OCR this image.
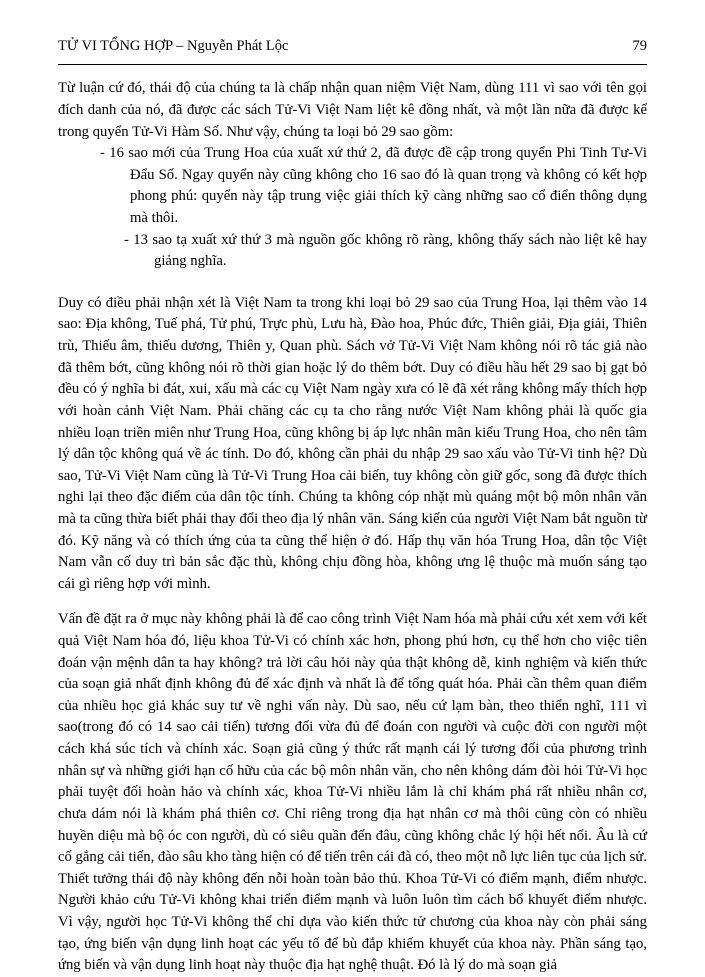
TỬ VI TỔNG HỢP – Nguyễn Phát Lộc	79

Từ luận cứ đó, thái độ của chúng ta là chấp nhận quan niệm Việt Nam, dùng 111 vì sao với tên gọi đích danh của nó, đã được các sách Tử-Vi Việt Nam liệt kê đồng nhất, và một lần nữa đã được kể trong quyển Tử-Vi Hàm Số. Như vậy, chúng ta loại bỏ 29 sao gồm:

- 16 sao mới của Trung Hoa của xuất xứ thứ 2, đã được đề cập trong quyển Phi Tinh Tư-Vi Đẩu Số. Ngay quyển này cũng không cho 16 sao đó là quan trọng và không có kết hợp phong phú: quyển này tập trung việc giải thích kỹ càng những sao cổ điển thông dụng mà thôi.

- 13 sao tạ xuất xứ thứ 3 mà nguồn gốc không rõ ràng, không thấy sách nào liệt kê hay giảng nghĩa.

Duy có điều phải nhận xét là Việt Nam ta trong khi loại bỏ 29 sao của Trung Hoa, lại thêm vào 14 sao: Địa không, Tuế phá, Tử phú, Trực phù, Lưu hà, Đào hoa, Phúc đức, Thiên giải, Địa giải, Thiên trù, Thiếu âm, thiếu dương, Thiên y, Quan phù. Sách vở Tử-Vi Việt Nam không nói rõ tác giả nào đã thêm bớt, cũng không nói rõ thời gian hoặc lý do thêm bớt. Duy có điều hầu hết 29 sao bị gạt bỏ đều có ý nghĩa bi đát, xui, xấu mà các cụ Việt Nam ngày xưa có lẽ đã xét rằng không mấy thích hợp với hoàn cảnh Việt Nam. Phải chăng các cụ ta cho rằng nước Việt Nam không phải là quốc gia nhiều loạn triền miên như Trung Hoa, cũng không bị áp lực nhân mãn kiểu Trung Hoa, cho nên tâm lý dân tộc không quá về ác tính. Do đó, không cần phải du nhập 29 sao xấu vào Tử-Vi tinh hệ? Dù sao, Tử-Vi Việt Nam cũng là Tử-Vi Trung Hoa cải biến, tuy không còn giữ gốc, song đã được thích nghi lại theo đặc điểm của dân tộc tính. Chúng ta không cóp nhặt mù quáng một bộ môn nhân văn mà ta cũng thừa biết phải thay đổi theo địa lý nhân văn. Sáng kiến của người Việt Nam bắt nguồn từ đó. Kỹ năng và có thích ứng của ta cũng thể hiện ở đó. Hấp thụ văn hóa Trung Hoa, dân tộc Việt Nam vẫn cố duy trì bản sắc đặc thù, không chịu đồng hòa, không ưng lệ thuộc mà muốn sáng tạo cái gì riêng hợp với mình.

Vấn đề đặt ra ở mục này không phải là để cao công trình Việt Nam hóa mà phải cứu xét xem với kết quả Việt Nam hóa đó, liệu khoa Tử-Vi có chính xác hơn, phong phú hơn, cụ thể hơn cho việc tiên đoán vận mệnh dân ta hay không? trả lời câu hỏi này qủa thật không dễ, kinh nghiệm và kiến thức của soạn giả nhất định không đủ để xác định và nhất là để tổng quát hóa. Phải cần thêm quan điểm của nhiều học giả khác suy tư về nghi vấn này. Dù sao, nếu cứ lạm bàn, theo thiển nghĩ, 111 vì sao(trong đó có 14 sao cải tiến) tương đối vừa đủ để đoán con người và cuộc đời con người một cách khá súc tích và chính xác. Soạn giả cũng ý thức rất mạnh cái lý tương đối của phương trình nhân sự và những giới hạn cố hữu của các bộ môn nhân văn, cho nên không dám đòi hỏi Tử-Vi học phải tuyệt đối hoàn hảo và chính xác, khoa Tử-Vi nhiều lắm là chỉ khám phá rất nhiều nhân cơ, chưa dám nói là khám phá thiên cơ. Chỉ riêng trong địa hạt nhân cơ mà thôi cũng còn có nhiều huyền diệu mà bộ óc con người, dù có siêu quần đến đâu, cũng không chắc lý hội hết nổi. Âu là cứ cố gắng cải tiến, đào sâu kho tàng hiện có để tiến trên cái đà có, theo một nỗ lực liên tục của lịch sử. Thiết tưởng thái độ này không đến nỗi hoàn toàn bảo thủ. Khoa Tử-Vi có điểm mạnh, điểm nhược. Người khảo cứu Tử-Vi không khai triển điểm mạnh và luôn luôn tìm cách bổ khuyết điểm nhược. Vì vậy, người học Tử-Vi không thể chỉ dựa vào kiến thức tử chương của khoa này còn phải sáng tạo, ứng biến vận dụng linh hoạt các yếu tố để bù đắp khiếm khuyết của khoa này. Phần sáng tạo, ứng biến và vận dụng linh hoạt này thuộc địa hạt nghệ thuật. Đó là lý do mà soạn giả
